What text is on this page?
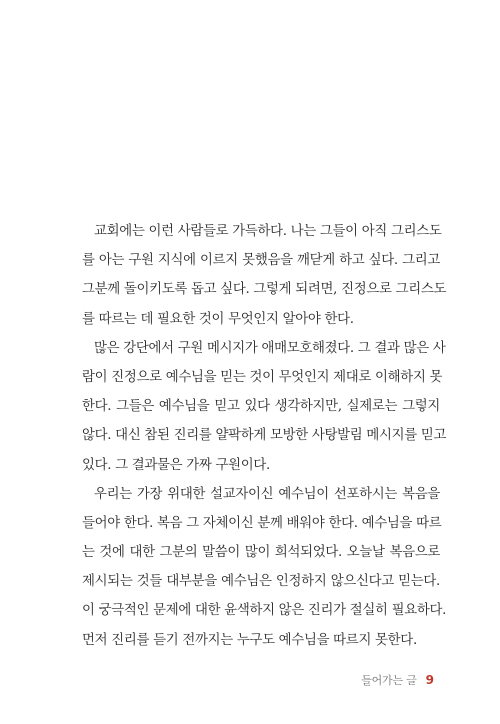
교회에는 이런 사람들로 가득하다. 나는 그들이 아직 그리스도
를 아는 구원 지식에 이르지 못했음을 깨닫게 하고 싶다. 그리고
그분께 돌이키도록 돕고 싶다. 그렇게 되려면, 진정으로 그리스도
를 따르는 데 필요한 것이 무엇인지 알아야 한다.
많은 강단에서 구원 메시지가 애매모호해졌다. 그 결과 많은 사
람이 진정으로 예수님을 믿는 것이 무엇인지 제대로 이해하지 못
한다. 그들은 예수님을 믿고 있다 생각하지만, 실제로는 그렇지
않다. 대신 참된 진리를 얄팍하게 모방한 사탕발림 메시지를 믿고
있다. 그 결과물은 가짜 구원이다.
우리는 가장 위대한 설교자이신 예수님이 선포하시는 복음을
들어야 한다. 복음 그 자체이신 분께 배워야 한다. 예수님을 따르
는 것에 대한 그분의 말씀이 많이 희석되었다. 오늘날 복음으로
제시되는 것들 대부분을 예수님은 인정하지 않으신다고 믿는다.
이 궁극적인 문제에 대한 윤색하지 않은 진리가 절실히 필요하다.
먼저 진리를 듣기 전까지는 누구도 예수님을 따르지 못한다.
들어가는 글 9
